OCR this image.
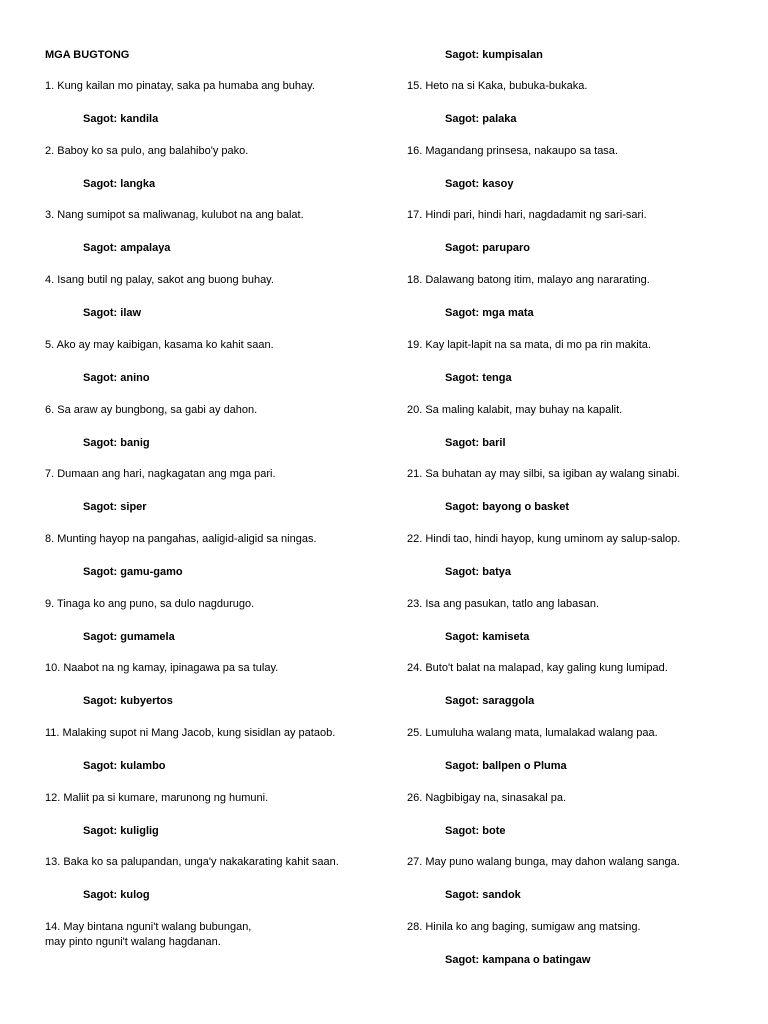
MGA BUGTONG
1. Kung kailan mo pinatay, saka pa humaba ang buhay.
Sagot: kandila
2. Baboy ko sa pulo, ang balahibo'y pako.
Sagot: langka
3. Nang sumipot sa maliwanag, kulubot na ang balat.
Sagot: ampalaya
4. Isang butil ng palay, sakot ang buong buhay.
Sagot: ilaw
5. Ako ay may kaibigan, kasama ko kahit saan.
Sagot: anino
6. Sa araw ay bungbong, sa gabi ay dahon.
Sagot: banig
7. Dumaan ang hari, nagkagatan ang mga pari.
Sagot: siper
8. Munting hayop na pangahas, aaligid-aligid sa ningas.
Sagot: gamu-gamo
9. Tinaga ko ang puno, sa dulo nagdurugo.
Sagot: gumamela
10. Naabot na ng kamay, ipinagawa pa sa tulay.
Sagot: kubyertos
11. Malaking supot ni Mang Jacob, kung sisidlan ay pataob.
Sagot: kulambo
12. Maliit pa si kumare, marunong ng humuni.
Sagot: kuliglig
13. Baka ko sa palupandan, unga'y nakakarating kahit saan.
Sagot: kulog
14. May bintana nguni't walang bubungan,
may pinto nguni't walang hagdanan.
Sagot: kumpisalan
15. Heto na si Kaka, bubuka-bukaka.
Sagot: palaka
16. Magandang prinsesa, nakaupo sa tasa.
Sagot: kasoy
17. Hindi pari, hindi hari, nagdadamit ng sari-sari.
Sagot: paruparo
18. Dalawang batong itim, malayo ang nararating.
Sagot: mga mata
19. Kay lapit-lapit na sa mata, di mo pa rin makita.
Sagot: tenga
20. Sa maling kalabit, may buhay na kapalit.
Sagot: baril
21. Sa buhatan ay may silbi, sa igiban ay walang sinabi.
Sagot: bayong o basket
22. Hindi tao, hindi hayop, kung uminom ay salup-salop.
Sagot: batya
23. Isa ang pasukan, tatlo ang labasan.
Sagot: kamiseta
24. Buto't balat na malapad, kay galing kung lumipad.
Sagot: saraggola
25. Lumuluha walang mata, lumalakad walang paa.
Sagot: ballpen o Pluma
26. Nagbibigay na, sinasakal pa.
Sagot: bote
27. May puno walang bunga, may dahon walang sanga.
Sagot: sandok
28. Hinila ko ang baging, sumigaw ang matsing.
Sagot: kampana o batingaw
